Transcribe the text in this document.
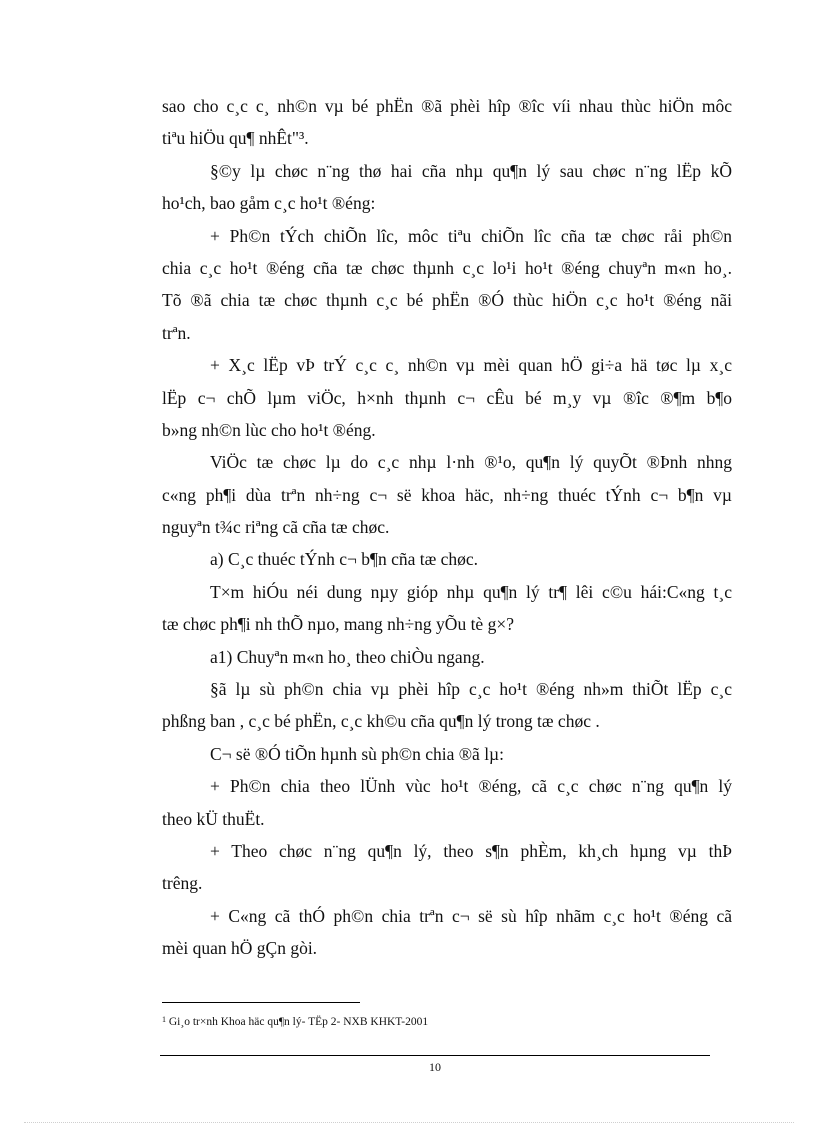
sao cho c¸c c¸ nh©n vµ bé phËn ®ã phèi hîp ®îc víi nhau thùc hiÖn môc
tiªu hiÖu qu¶ nhÊt"³.
§©y lµ chøc n¨ng thø hai cña nhµ qu¶n lý sau chøc n¨ng lËp kÕ
ho¹ch, bao gåm c¸c ho¹t ®éng:
+ Ph©n tÝch chiÕn lîc, môc tiªu chiÕn lîc cña tæ chøc råi ph©n
chia c¸c ho¹t ®éng cña tæ chøc thµnh c¸c lo¹i ho¹t ®éng chuyªn m«n ho¸.
Tõ ®ã chia tæ chøc thµnh c¸c bé phËn ®Ó thùc hiÖn c¸c ho¹t ®éng nãi
trªn.
+ X¸c lËp vÞ trÝ c¸c c¸ nh©n vµ mèi quan hÖ gi÷a hä tøc lµ x¸c
lËp c¬ chÕ lµm viÖc, h×nh thµnh c¬ cÊu bé m¸y vµ ®îc ®¶m b¶o
b»ng nh©n lùc cho ho¹t ®éng.
ViÖc tæ chøc lµ do c¸c nhµ l·nh ®¹o, qu¶n lý quyÕt ®Þnh nhng
c«ng ph¶i dùa trªn nh÷ng c¬ së khoa häc, nh÷ng thuéc tÝnh c¬ b¶n vµ
nguyªn t¾c riªng cã cña tæ chøc.
a) C¸c thuéc tÝnh c¬ b¶n cña tæ chøc.
T×m hiÓu néi dung nµy gióp nhµ qu¶n lý tr¶ lêi c©u hái:C«ng t¸c
tæ chøc ph¶i nh thÕ nµo, mang nh÷ng yÕu tè g×?
a1) Chuyªn m«n ho¸ theo chiÒu ngang.
§ã lµ sù ph©n chia vµ phèi hîp c¸c ho¹t ®éng nh»m thiÕt lËp c¸c
phßng ban , c¸c bé phËn, c¸c kh©u cña qu¶n lý trong tæ chøc .
C¬ së ®Ó tiÕn hµnh sù ph©n chia ®ã lµ:
+ Ph©n chia theo lÜnh vùc ho¹t ®éng, cã c¸c chøc n¨ng qu¶n lý
theo kÜ thuËt.
+ Theo chøc n¨ng qu¶n lý, theo s¶n phÈm, kh¸ch hµng vµ thÞ
trêng.
+ C«ng cã thÓ ph©n chia trªn c¬ së sù hîp nhãm c¸c ho¹t ®éng cã
mèi quan hÖ gÇn gòi.
$^1$ Gi¸o tr×nh Khoa häc qu¶n lý- TËp 2- NXB KHKT-2001
10
